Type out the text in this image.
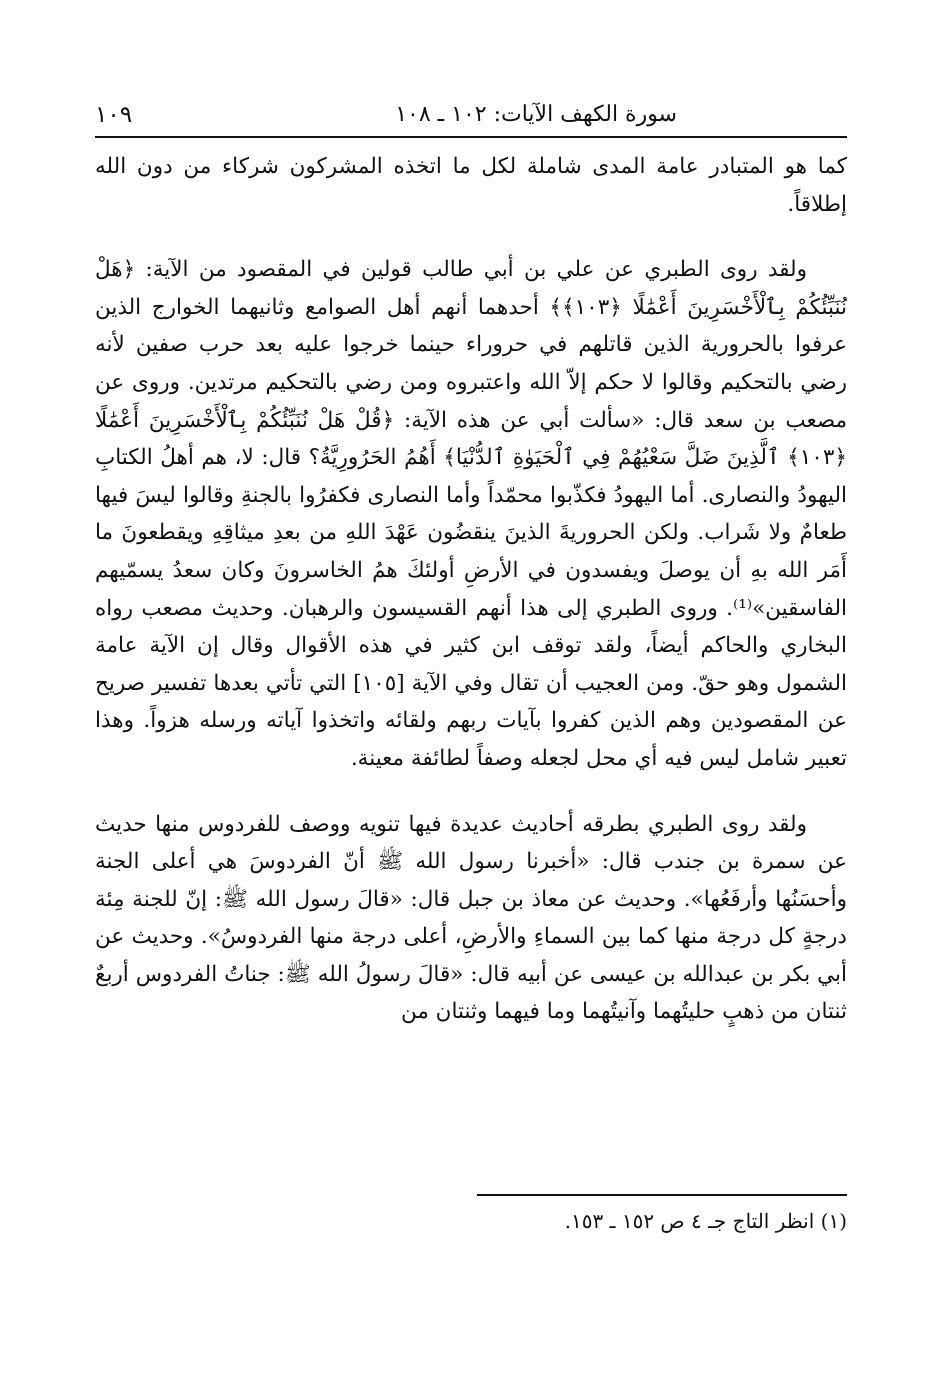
سورة الكهف الآيات: ١٠٢ ـ ١٠٨
١٠٩

كما هو المتبادر عامة المدى شاملة لكل ما اتخذه المشركون شركاء من دون الله إطلاقاً.

ولقد روى الطبري عن علي بن أبي طالب قولين في المقصود من الآية: ﴿هَلْ نُنَبِّئُكُمْ بِٱلْأَخْسَرِينَ أَعْمَٰلًا ﴿١٠٣﴾﴾ أحدهما أنهم أهل الصوامع وثانيهما الخوارج الذين عرفوا بالحرورية الذين قاتلهم في حروراء حينما خرجوا عليه بعد حرب صفين لأنه رضي بالتحكيم وقالوا لا حكم إلاّ الله واعتبروه ومن رضي بالتحكيم مرتدين. وروى عن مصعب بن سعد قال: «سألت أبي عن هذه الآية: ﴿قُلْ هَلْ نُنَبِّئُكُمْ بِٱلْأَخْسَرِينَ أَعْمَٰلًا ﴿١٠٣﴾ ٱلَّذِينَ ضَلَّ سَعْيُهُمْ فِي ٱلْحَيَوٰةِ ٱلدُّنْيَا﴾ أَهُمُ الحَرُورِيَّةُ؟ قال: لا، هم أهلُ الكتابِ اليهودُ والنصارى. أما اليهودُ فكذّبوا محمّداً وأما النصارى فكفرُوا بالجنةِ وقالوا ليسَ فيها طعامٌ ولا شَراب. ولكن الحروريةَ الذينَ ينقضُون عَهْدَ اللهِ من بعدِ ميثاقِهِ ويقطعونَ ما أَمَر الله بهِ أن يوصلَ ويفسدون في الأرضِ أولئكَ همُ الخاسرونَ وكان سعدُ يسمّيهم الفاسقين»⁽¹⁾. وروى الطبري إلى هذا أنهم القسيسون والرهبان. وحديث مصعب رواه البخاري والحاكم أيضاً، ولقد توقف ابن كثير في هذه الأقوال وقال إن الآية عامة الشمول وهو حقّ. ومن العجيب أن تقال وفي الآية [١٠٥] التي تأتي بعدها تفسير صريح عن المقصودين وهم الذين كفروا بآيات ربهم ولقائه واتخذوا آياته ورسله هزواً. وهذا تعبير شامل ليس فيه أي محل لجعله وصفاً لطائفة معينة.

ولقد روى الطبري بطرقه أحاديث عديدة فيها تنويه ووصف للفردوس منها حديث عن سمرة بن جندب قال: «أخبرنا رسول الله ﷺ أنّ الفردوسَ هي أعلى الجنة وأحسَنُها وأرفَعُها». وحديث عن معاذ بن جبل قال: «قالَ رسول الله ﷺ: إنّ للجنة مِئة درجةٍ كل درجة منها كما بين السماءِ والأرضِ، أعلى درجة منها الفردوسُ». وحديث عن أبي بكر بن عبدالله بن عيسى عن أبيه قال: «قالَ رسولُ الله ﷺ: جناتُ الفردوس أربعٌ ثنتان من ذهبٍ حليتُهما وآنيتُهما وما فيهما وثنتان من

(١) انظر التاج جـ ٤ ص ١٥٢ ـ ١٥٣.
